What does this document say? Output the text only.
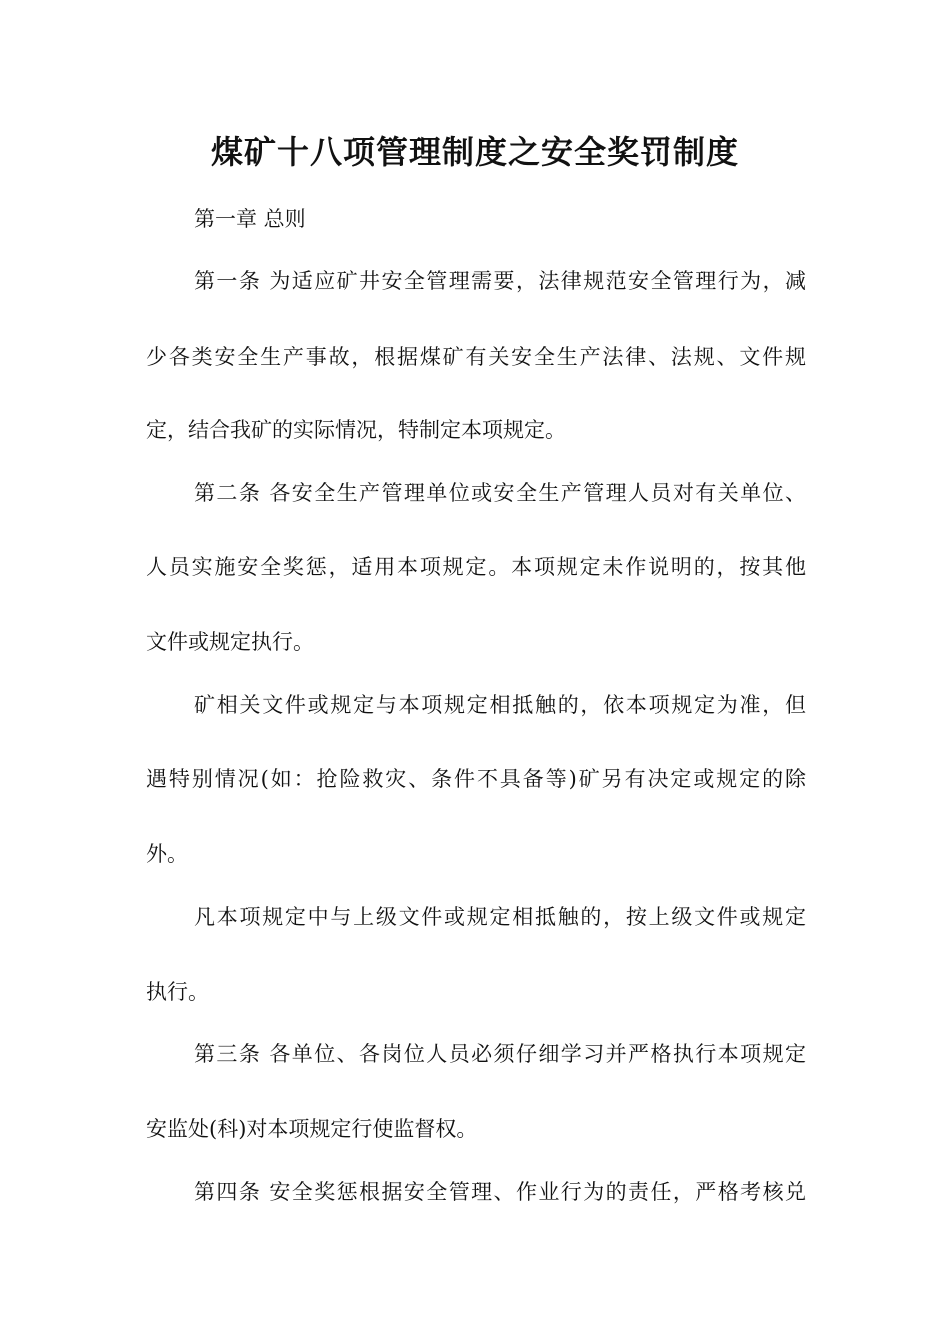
煤矿十八项管理制度之安全奖罚制度
第一章 总则
第一条 为适应矿井安全管理需要，法律规范安全管理行为，减
少各类安全生产事故，根据煤矿有关安全生产法律、法规、文件规
定，结合我矿的实际情况，特制定本项规定。
第二条 各安全生产管理单位或安全生产管理人员对有关单位、
人员实施安全奖惩，适用本项规定。本项规定未作说明的，按其他
文件或规定执行。
矿相关文件或规定与本项规定相抵触的，依本项规定为准，但
遇特别情况(如：抢险救灾、条件不具备等)矿另有决定或规定的除
外。
凡本项规定中与上级文件或规定相抵触的，按上级文件或规定
执行。
第三条 各单位、各岗位人员必须仔细学习并严格执行本项规定
安监处(科)对本项规定行使监督权。
第四条 安全奖惩根据安全管理、作业行为的责任，严格考核兑
